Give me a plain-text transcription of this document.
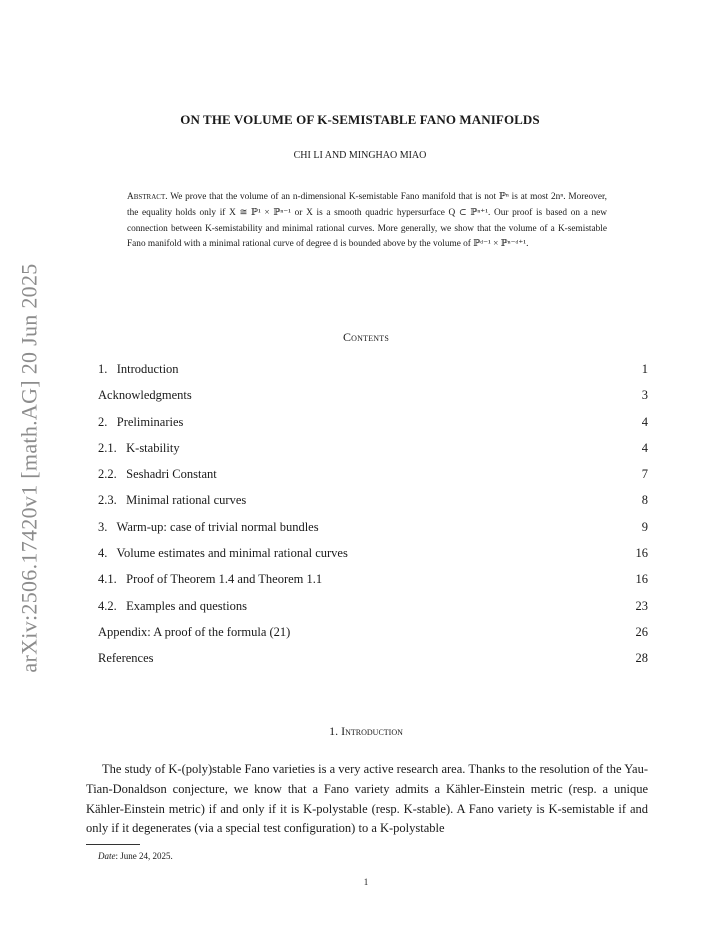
arXiv:2506.17420v1 [math.AG] 20 Jun 2025
ON THE VOLUME OF K-SEMISTABLE FANO MANIFOLDS
CHI LI AND MINGHAO MIAO
Abstract. We prove that the volume of an n-dimensional K-semistable Fano manifold that is not ℙⁿ is at most 2nⁿ. Moreover, the equality holds only if X ≅ ℙ¹ × ℙⁿ⁻¹ or X is a smooth quadric hypersurface Q ⊂ ℙⁿ⁺¹. Our proof is based on a new connection between K-semistability and minimal rational curves. More generally, we show that the volume of a K-semistable Fano manifold with a minimal rational curve of degree d is bounded above by the volume of ℙᵈ⁻¹ × ℙⁿ⁻ᵈ⁺¹.
Contents
1.   Introduction	1
Acknowledgments	3
2.   Preliminaries	4
2.1.   K-stability	4
2.2.   Seshadri Constant	7
2.3.   Minimal rational curves	8
3.   Warm-up: case of trivial normal bundles	9
4.   Volume estimates and minimal rational curves	16
4.1.   Proof of Theorem 1.4 and Theorem 1.1	16
4.2.   Examples and questions	23
Appendix: A proof of the formula (21)	26
References	28
1. Introduction
The study of K-(poly)stable Fano varieties is a very active research area. Thanks to the resolution of the Yau-Tian-Donaldson conjecture, we know that a Fano variety admits a Kähler-Einstein metric (resp. a unique Kähler-Einstein metric) if and only if it is K-polystable (resp. K-stable). A Fano variety is K-semistable if and only if it degenerates (via a special test configuration) to a K-polystable
Date: June 24, 2025.
1
